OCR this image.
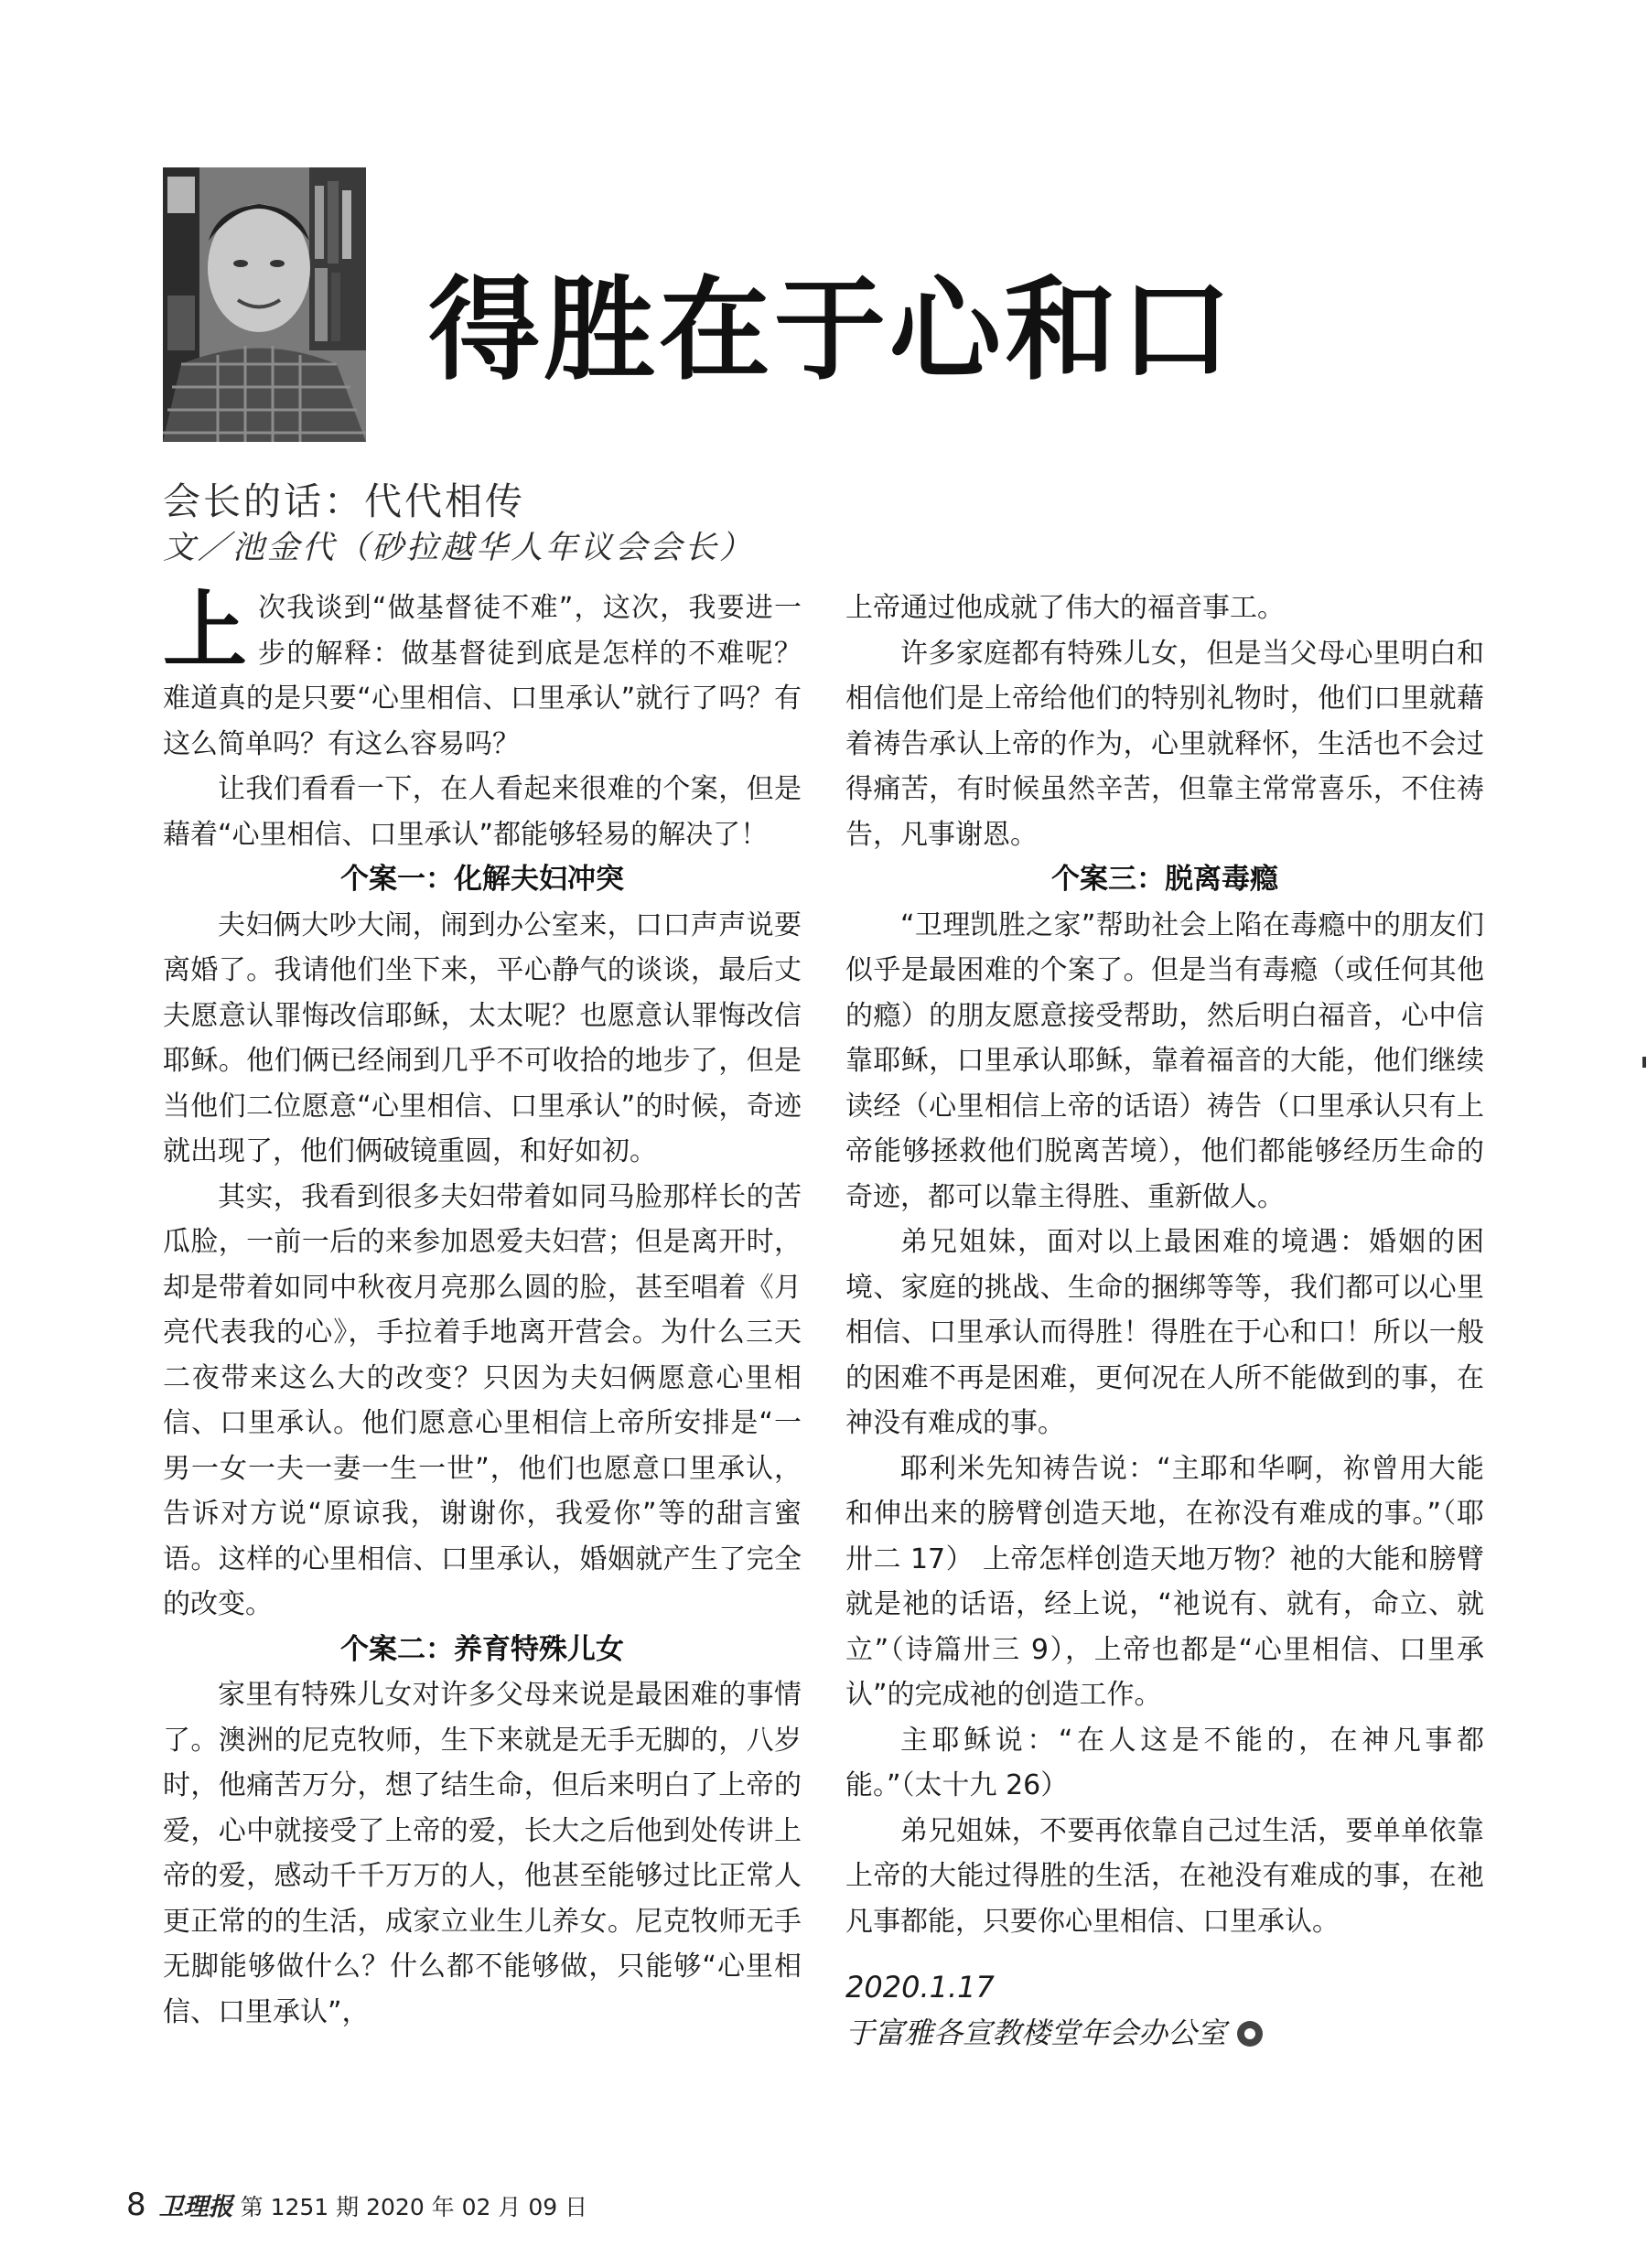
得胜在于心和口
会长的话：代代相传
文／池金代（砂拉越华人年议会会长）

上次我谈到“做基督徒不难”，这次，我要进一步的解释：做基督徒到底是怎样的不难呢？难道真的是只要“心里相信、口里承认”就行了吗？有这么简单吗？有这么容易吗？

让我们看看一下，在人看起来很难的个案，但是藉着“心里相信、口里承认”都能够轻易的解决了！

个案一：化解夫妇冲突

夫妇俩大吵大闹，闹到办公室来，口口声声说要离婚了。我请他们坐下来，平心静气的谈谈，最后丈夫愿意认罪悔改信耶稣，太太呢？也愿意认罪悔改信耶稣。他们俩已经闹到几乎不可收拾的地步了，但是当他们二位愿意“心里相信、口里承认”的时候，奇迹就出现了，他们俩破镜重圆，和好如初。

其实，我看到很多夫妇带着如同马脸那样长的苦瓜脸，一前一后的来参加恩爱夫妇营；但是离开时，却是带着如同中秋夜月亮那么圆的脸，甚至唱着《月亮代表我的心》，手拉着手地离开营会。为什么三天二夜带来这么大的改变？只因为夫妇俩愿意心里相信、口里承认。他们愿意心里相信上帝所安排是“一男一女一夫一妻一生一世”，他们也愿意口里承认，告诉对方说“原谅我，谢谢你，我爱你”等的甜言蜜语。这样的心里相信、口里承认，婚姻就产生了完全的改变。

个案二：养育特殊儿女

家里有特殊儿女对许多父母来说是最困难的事情了。澳洲的尼克牧师，生下来就是无手无脚的，八岁时，他痛苦万分，想了结生命，但后来明白了上帝的爱，心中就接受了上帝的爱，长大之后他到处传讲上帝的爱，感动千千万万的人，他甚至能够过比正常人更正常的的生活，成家立业生儿养女。尼克牧师无手无脚能够做什么？什么都不能够做，只能够“心里相信、口里承认”，

上帝通过他成就了伟大的福音事工。

许多家庭都有特殊儿女，但是当父母心里明白和相信他们是上帝给他们的特别礼物时，他们口里就藉着祷告承认上帝的作为，心里就释怀，生活也不会过得痛苦，有时候虽然辛苦，但靠主常常喜乐，不住祷告，凡事谢恩。

个案三：脱离毒瘾

“卫理凯胜之家”帮助社会上陷在毒瘾中的朋友们似乎是最困难的个案了。但是当有毒瘾（或任何其他的瘾）的朋友愿意接受帮助，然后明白福音，心中信靠耶稣，口里承认耶稣，靠着福音的大能，他们继续读经（心里相信上帝的话语）祷告（口里承认只有上帝能够拯救他们脱离苦境），他们都能够经历生命的奇迹，都可以靠主得胜、重新做人。

弟兄姐妹，面对以上最困难的境遇：婚姻的困境、家庭的挑战、生命的捆绑等等，我们都可以心里相信、口里承认而得胜！得胜在于心和口！所以一般的困难不再是困难，更何况在人所不能做到的事，在神没有难成的事。

耶利米先知祷告说：“主耶和华啊，祢曾用大能和伸出来的膀臂创造天地，在祢没有难成的事。”（耶卅二 17） 上帝怎样创造天地万物？祂的大能和膀臂就是祂的话语，经上说，“祂说有、就有，命立、就立”（诗篇卅三 9），上帝也都是“心里相信、口里承认”的完成祂的创造工作。

主耶稣说：“在人这是不能的，在神凡事都能。”（太十九 26）

弟兄姐妹，不要再依靠自己过生活，要单单依靠上帝的大能过得胜的生活，在祂没有难成的事，在祂凡事都能，只要你心里相信、口里承认。

2020.1.17
于富雅各宣教楼堂年会办公室
8 卫理报 第 1251 期 2020 年 02 月 09 日
